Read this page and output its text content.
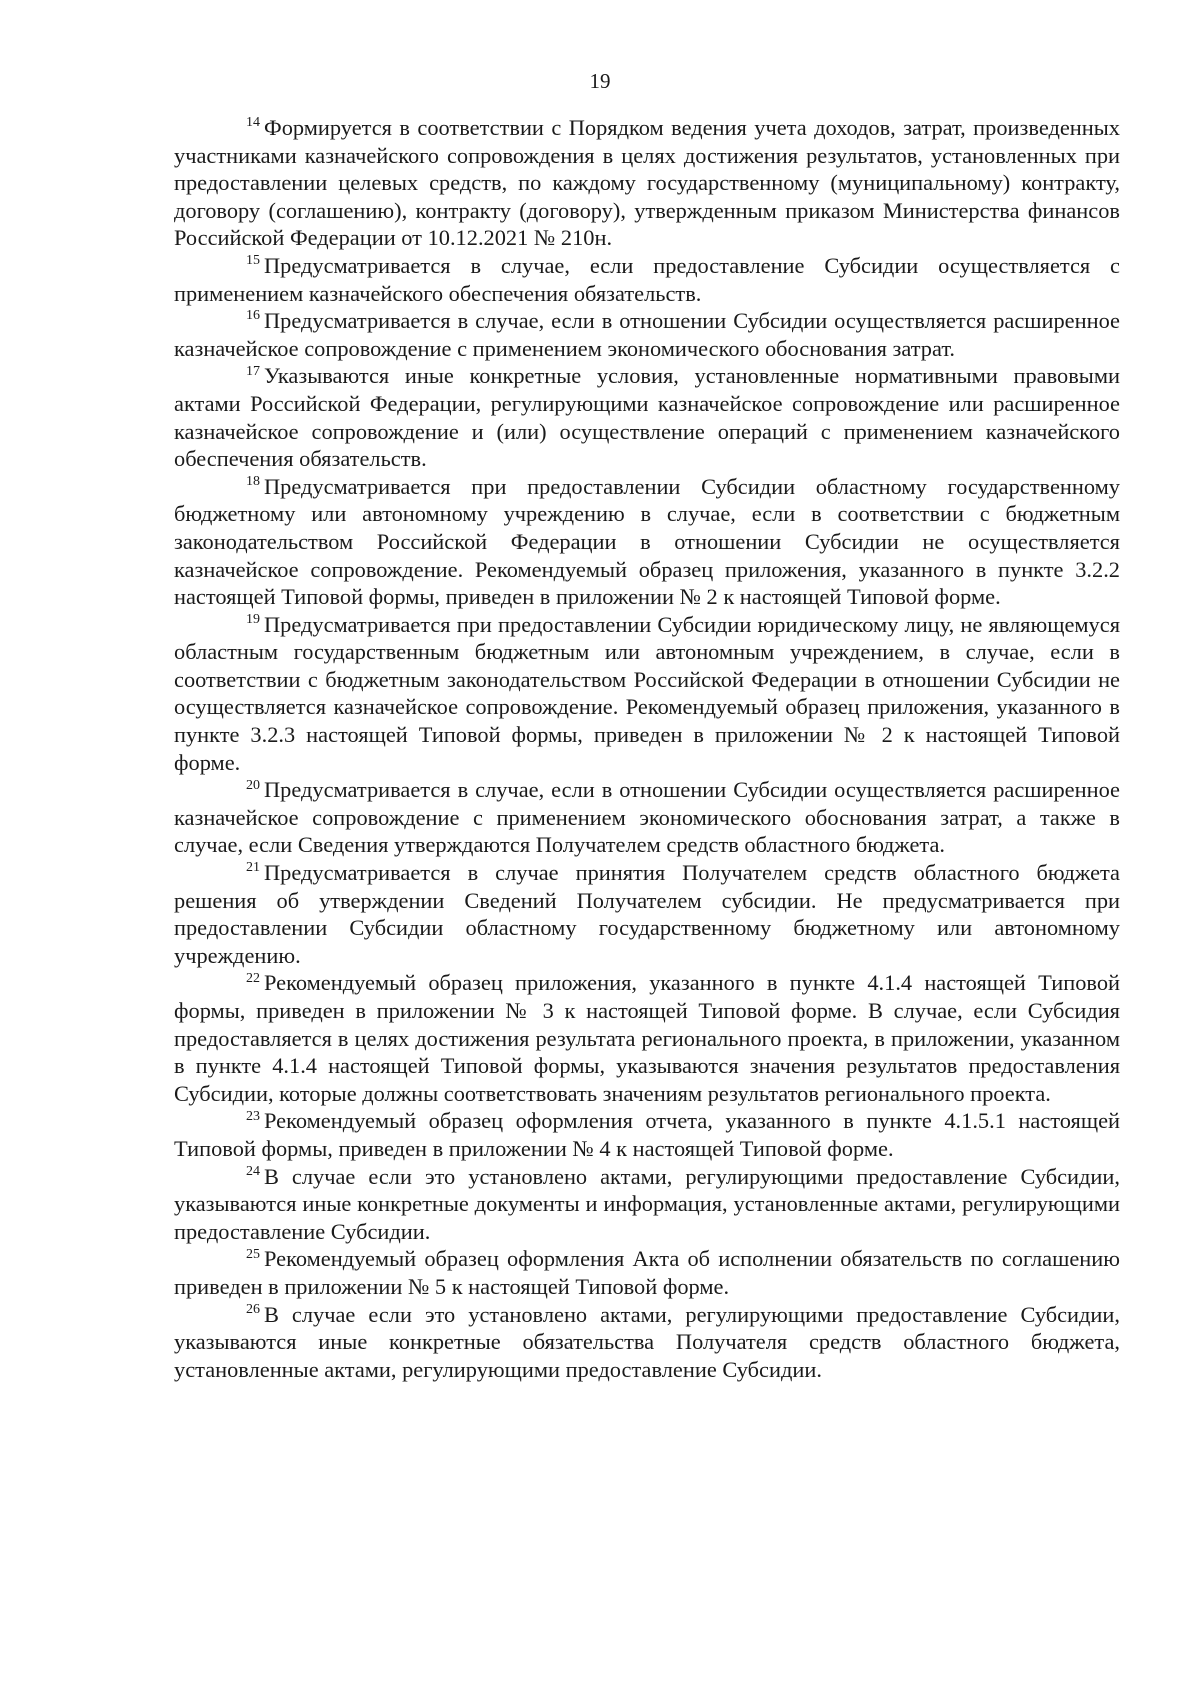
19

$^{14}$ Формируется в соответствии с Порядком ведения учета доходов, затрат, произведенных участниками казначейского сопровождения в целях достижения результатов, установленных при предоставлении целевых средств, по каждому государственному (муниципальному) контракту, договору (соглашению), контракту (договору), утвержденным приказом Министерства финансов Российской Федерации от 10.12.2021 № 210н.

$^{15}$ Предусматривается в случае, если предоставление Субсидии осуществляется с применением казначейского обеспечения обязательств.

$^{16}$ Предусматривается в случае, если в отношении Субсидии осуществляется расширенное казначейское сопровождение с применением экономического обоснования затрат.

$^{17}$ Указываются иные конкретные условия, установленные нормативными правовыми актами Российской Федерации, регулирующими казначейское сопровождение или расширенное казначейское сопровождение и (или) осуществление операций с применением казначейского обеспечения обязательств.

$^{18}$ Предусматривается при предоставлении Субсидии областному государственному бюджетному или автономному учреждению в случае, если в соответствии с бюджетным законодательством Российской Федерации в отношении Субсидии не осуществляется казначейское сопровождение. Рекомендуемый образец приложения, указанного в пункте 3.2.2 настоящей Типовой формы, приведен в приложении № 2 к настоящей Типовой форме.

$^{19}$ Предусматривается при предоставлении Субсидии юридическому лицу, не являющемуся областным государственным бюджетным или автономным учреждением, в случае, если в соответствии с бюджетным законодательством Российской Федерации в отношении Субсидии не осуществляется казначейское сопровождение. Рекомендуемый образец приложения, указанного в пункте 3.2.3 настоящей Типовой формы, приведен в приложении № 2 к настоящей Типовой форме.

$^{20}$ Предусматривается в случае, если в отношении Субсидии осуществляется расширенное казначейское сопровождение с применением экономического обоснования затрат, а также в случае, если Сведения утверждаются Получателем средств областного бюджета.

$^{21}$ Предусматривается в случае принятия Получателем средств областного бюджета решения об утверждении Сведений Получателем субсидии. Не предусматривается при предоставлении Субсидии областному государственному бюджетному или автономному учреждению.

$^{22}$ Рекомендуемый образец приложения, указанного в пункте 4.1.4 настоящей Типовой формы, приведен в приложении № 3 к настоящей Типовой форме. В случае, если Субсидия предоставляется в целях достижения результата регионального проекта, в приложении, указанном в пункте 4.1.4 настоящей Типовой формы, указываются значения результатов предоставления Субсидии, которые должны соответствовать значениям результатов регионального проекта.

$^{23}$ Рекомендуемый образец оформления отчета, указанного в пункте 4.1.5.1 настоящей Типовой формы, приведен в приложении № 4 к настоящей Типовой форме.

$^{24}$ В случае если это установлено актами, регулирующими предоставление Субсидии, указываются иные конкретные документы и информация, установленные актами, регулирующими предоставление Субсидии.

$^{25}$ Рекомендуемый образец оформления Акта об исполнении обязательств по соглашению приведен в приложении № 5 к настоящей Типовой форме.

$^{26}$ В случае если это установлено актами, регулирующими предоставление Субсидии, указываются иные конкретные обязательства Получателя средств областного бюджета, установленные актами, регулирующими предоставление Субсидии.
